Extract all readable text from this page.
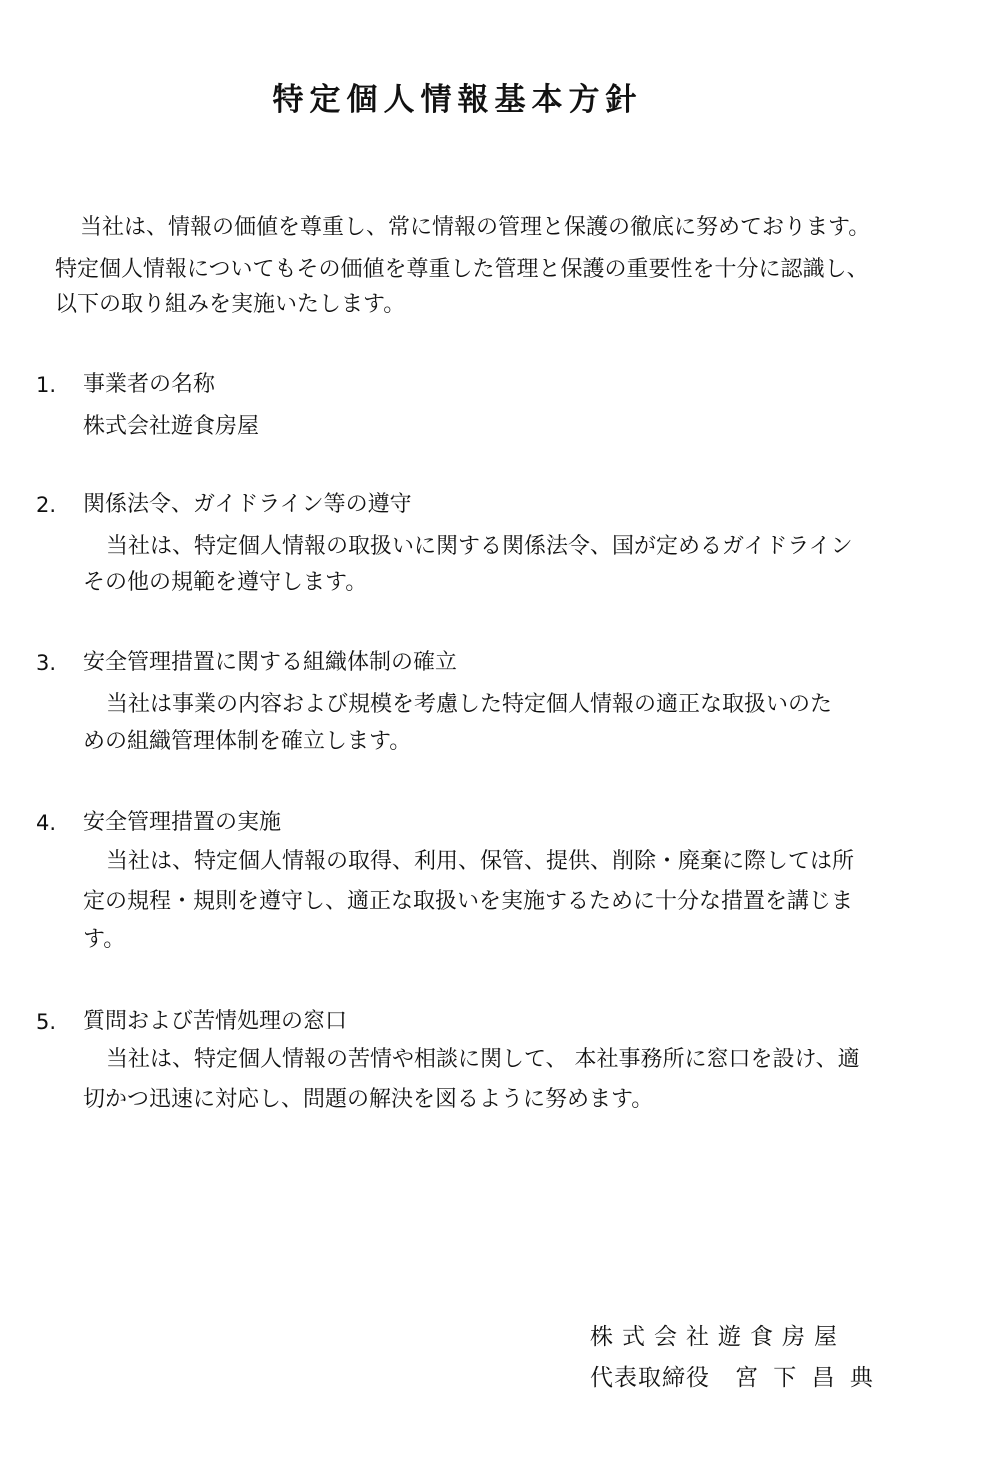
特定個人情報基本方針
当社は、情報の価値を尊重し、常に情報の管理と保護の徹底に努めております。
特定個人情報についてもその価値を尊重した管理と保護の重要性を十分に認識し、
以下の取り組みを実施いたします。
1. 事業者の名称
株式会社遊食房屋
2. 関係法令、ガイドライン等の遵守
当社は、特定個人情報の取扱いに関する関係法令、国が定めるガイドライン
その他の規範を遵守します。
3. 安全管理措置に関する組織体制の確立
当社は事業の内容および規模を考慮した特定個人情報の適正な取扱いのた
めの組織管理体制を確立します。
4. 安全管理措置の実施
当社は、特定個人情報の取得、利用、保管、提供、削除・廃棄に際しては所
定の規程・規則を遵守し、適正な取扱いを実施するために十分な措置を講じま
す。
5. 質問および苦情処理の窓口
当社は、特定個人情報の苦情や相談に関して、 本社事務所に窓口を設け、適
切かつ迅速に対応し、問題の解決を図るように努めます。
株式会社遊食房屋
代表取締役 宮 下 昌 典
